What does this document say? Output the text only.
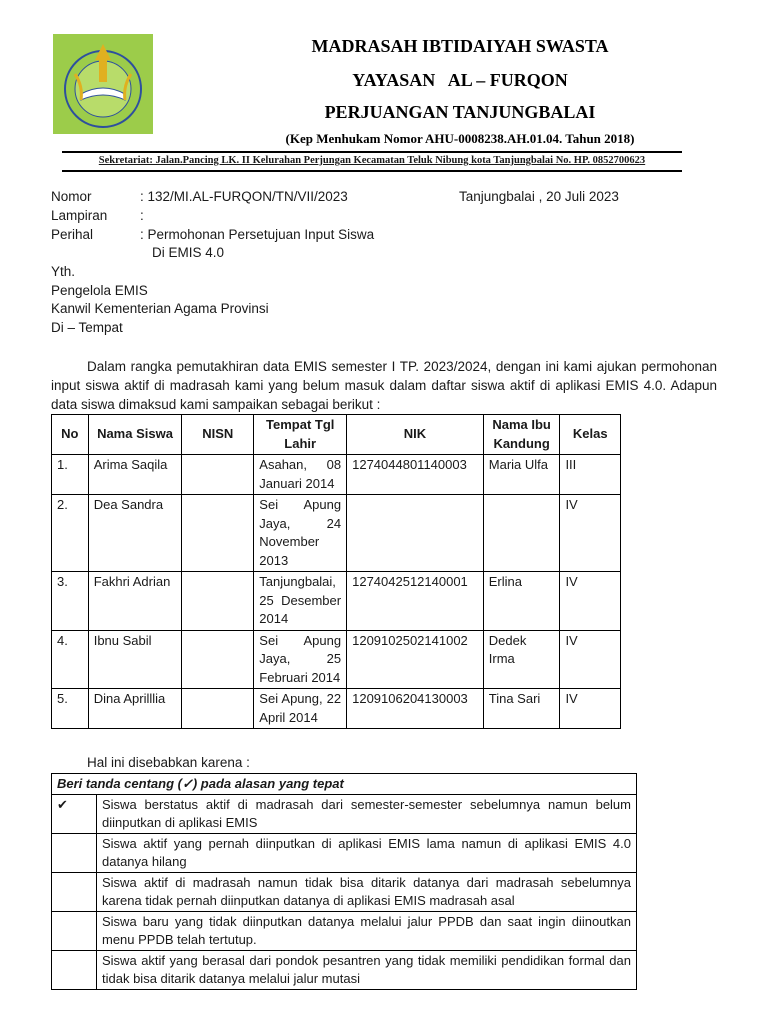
MADRASAH IBTIDAIYAH SWASTA
YAYASAN   AL – FURQON
PERJUANGAN TANJUNGBALAI
(Kep Menhukam Nomor AHU-0008238.AH.01.04. Tahun 2018)
Sekretariat: Jalan.Pancing LK. II Kelurahan Perjungan Kecamatan Teluk Nibung kota Tanjungbalai No. HP. 0852700623
Nomor	: 132/MI.AL-FURQON/TN/VII/2023	Tanjungbalai , 20 Juli 2023
Lampiran :
Perihal	: Permohonan Persetujuan Input Siswa
Di EMIS 4.0
Yth.
Pengelola EMIS
Kanwil Kementerian Agama Provinsi
Di – Tempat
Dalam rangka pemutakhiran data EMIS semester I TP. 2023/2024, dengan ini kami ajukan permohonan input siswa aktif di madrasah kami yang belum masuk dalam daftar siswa aktif di aplikasi EMIS 4.0. Adapun data siswa dimaksud kami sampaikan sebagai berikut :
No	Nama Siswa	NISN	Tempat Tgl Lahir	NIK	Nama Ibu Kandung	Kelas
1.	Arima Saqila		Asahan, 08 Januari 2014	1274044801140003	Maria Ulfa	III
2.	Dea Sandra		Sei Apung Jaya, 24 November 2013			IV
3.	Fakhri Adrian		Tanjungbalai, 25 Desember 2014	1274042512140001	Erlina	IV
4.	Ibnu Sabil		Sei Apung Jaya, 25 Februari 2014	1209102502141002	Dedek Irma	IV
5.	Dina Aprilllia		Sei Apung, 22 April 2014	1209106204130003	Tina Sari	IV
Hal ini disebabkan karena :
Beri tanda centang (✓) pada alasan yang tepat	
✔	Siswa berstatus aktif di madrasah dari semester-semester sebelumnya namun belum diinputkan di aplikasi EMIS
	Siswa aktif yang pernah diinputkan di aplikasi EMIS lama namun di aplikasi EMIS 4.0 datanya hilang
	Siswa aktif di madrasah namun tidak bisa ditarik datanya dari madrasah sebelumnya karena tidak pernah diinputkan datanya di aplikasi EMIS madrasah asal
	Siswa baru yang tidak diinputkan datanya melalui jalur PPDB dan saat ingin diinoutkan menu PPDB telah tertutup.
	Siswa aktif yang berasal dari pondok pesantren yang tidak memiliki pendidikan formal dan tidak bisa ditarik datanya melalui jalur mutasi
